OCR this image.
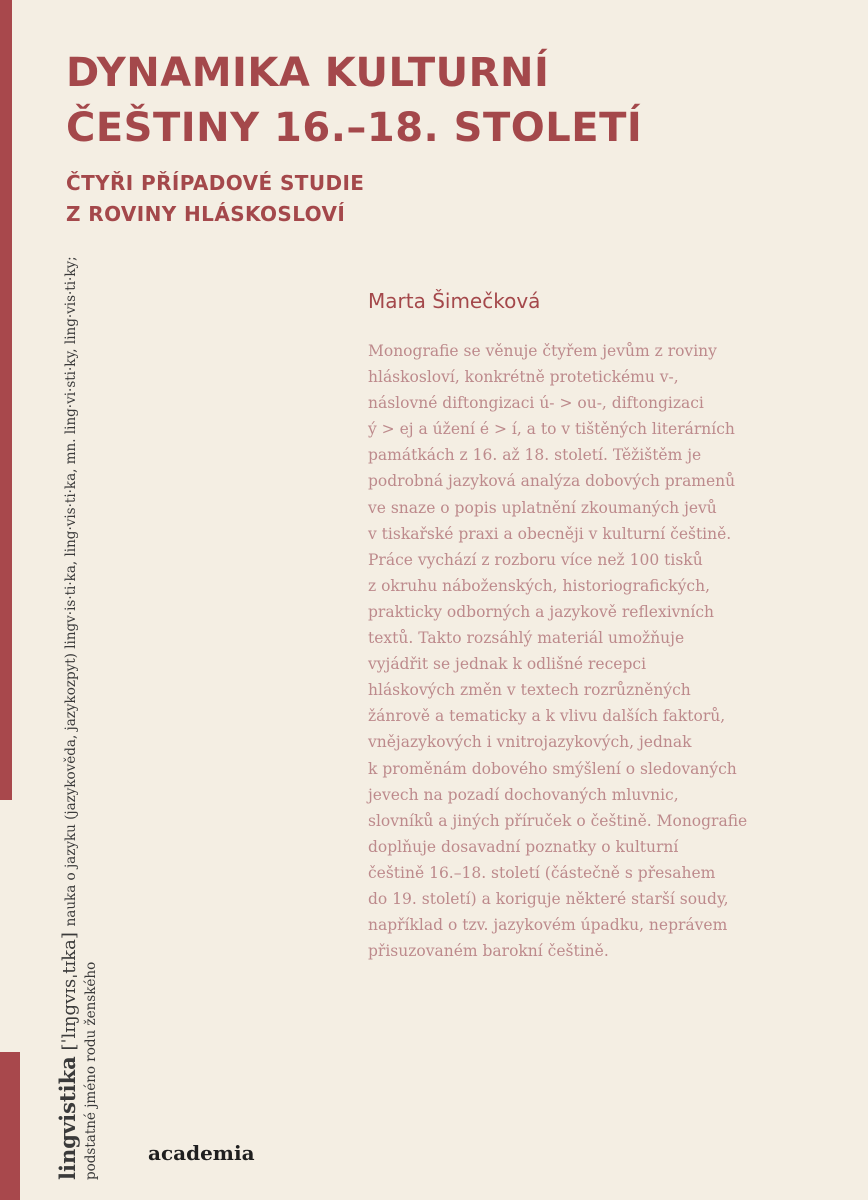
DYNAMIKA KULTURNÍ
ČEŠTINY 16.–18. STOLETÍ
ČTYŘI PŘÍPADOVÉ STUDIE
Z ROVINY HLÁSKOSLOVÍ

Marta Šimečková

Monografie se věnuje čtyřem jevům z roviny
hláskosloví, konkrétně protetickému v-,
náslovné diftongizaci ú- > ou-, diftongizaci
ý > ej a úžení é > í, a to v tištěných literárních
památkách z 16. až 18. století. Těžištěm je
podrobná jazyková analýza dobových pramenů
ve snaze o popis uplatnění zkoumaných jevů
v tiskařské praxi a obecněji v kulturní češtině.
Práce vychází z rozboru více než 100 tisků
z okruhu náboženských, historiografických,
prakticky odborných a jazykově reflexivních
textů. Takto rozsáhlý materiál umožňuje
vyjádřit se jednak k odlišné recepci
hláskových změn v textech rozrůzněných
žánrově a tematicky a k vlivu dalších faktorů,
vnějazykových i vnitrojazykových, jednak
k proměnám dobového smýšlení o sledovaných
jevech na pozadí dochovaných mluvnic,
slovníků a jiných příruček o češtině. Monografie
doplňuje dosavadní poznatky o kulturní
češtině 16.–18. století (částečně s přesahem
do 19. století) a koriguje některé starší soudy,
například o tzv. jazykovém úpadku, neprávem
přisuzovaném barokní češtině.
lingvistika [ˈlɪŋgvɪsˌtɪka] nauka o jazyku (jazykověda, jazykozpyt) lingv·is·ti·ka, ling·vis·ti·ka, mn. ling·vi·sti·ky, ling·vis·ti·ky;
podstatné jméno rodu ženského academia
